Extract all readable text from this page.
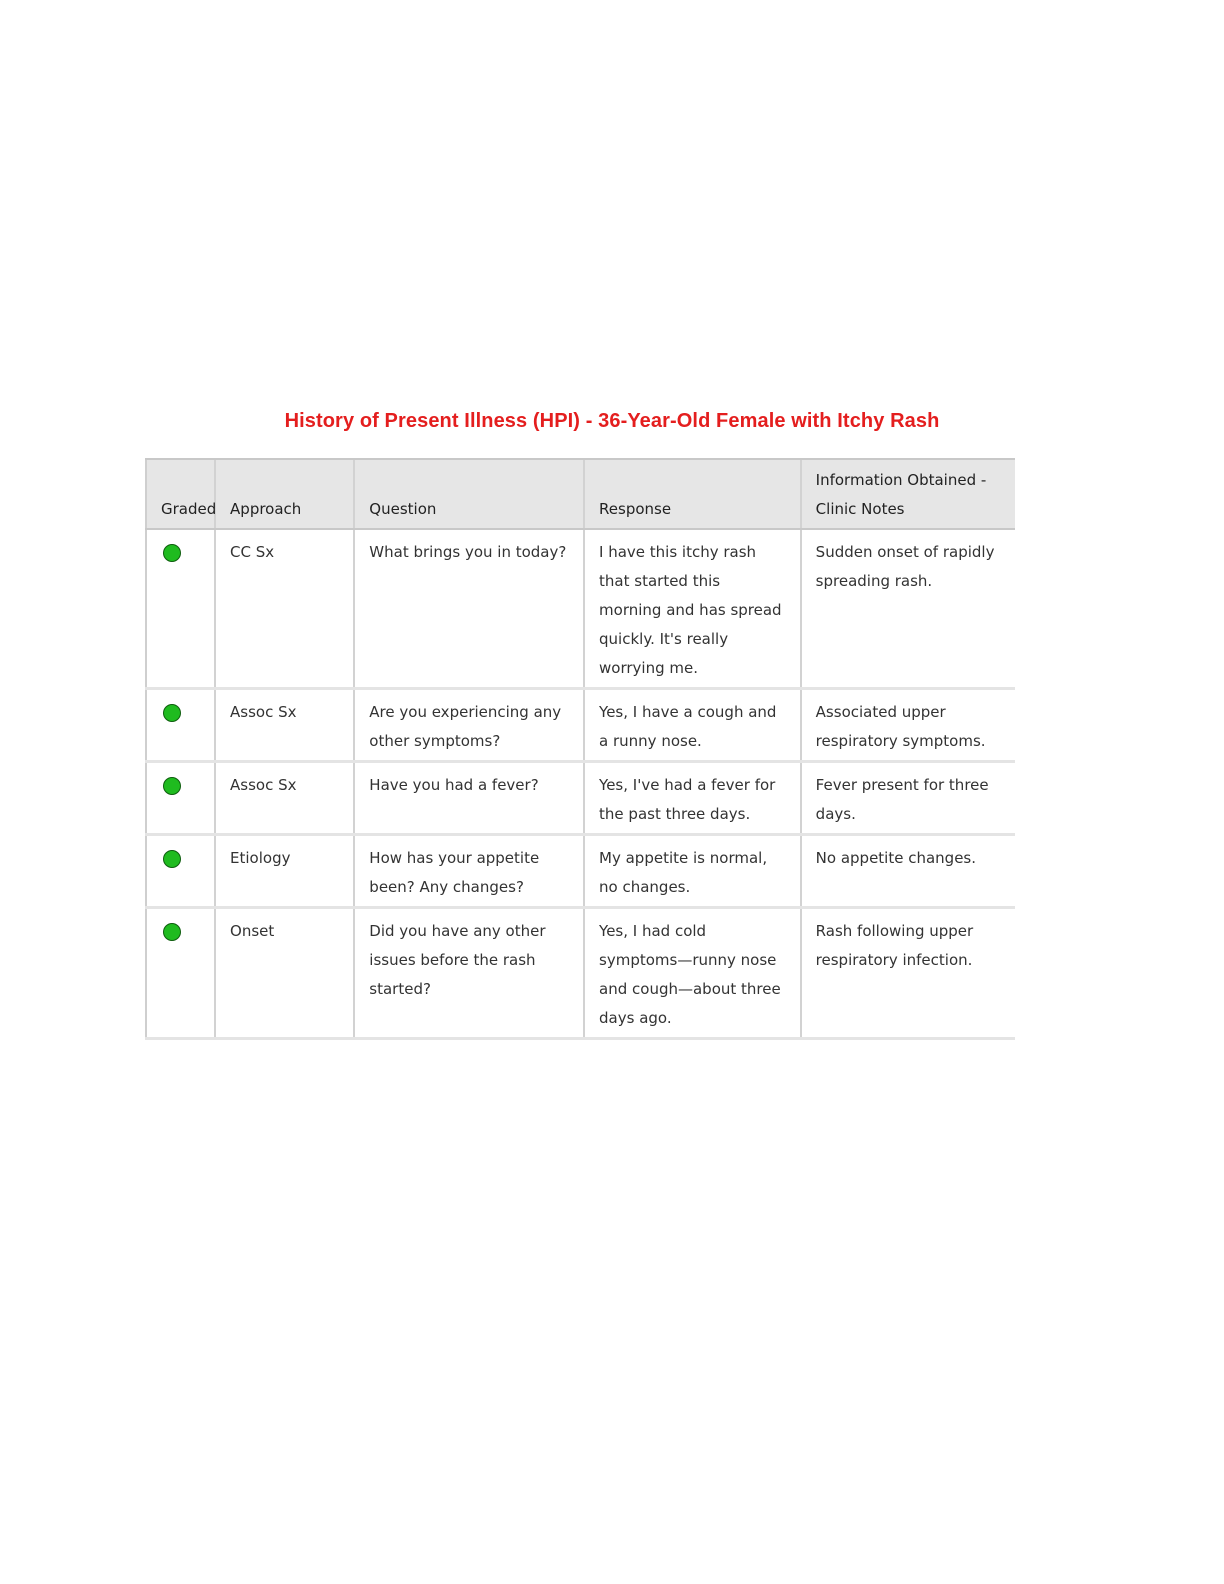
History of Present Illness (HPI) - 36-Year-Old Female with Itchy Rash
Graded	Approach	Question	Response	Information Obtained - Clinic Notes
	CC Sx	What brings you in today?	I have this itchy rash that started this morning and has spread quickly. It's really worrying me.	Sudden onset of rapidly spreading rash.
	Assoc Sx	Are you experiencing any other symptoms?	Yes, I have a cough and a runny nose.	Associated upper respiratory symptoms.
	Assoc Sx	Have you had a fever?	Yes, I've had a fever for the past three days.	Fever present for three days.
	Etiology	How has your appetite been? Any changes?	My appetite is normal, no changes.	No appetite changes.
	Onset	Did you have any other issues before the rash started?	Yes, I had cold symptoms—runny nose and cough—about three days ago.	Rash following upper respiratory infection.
